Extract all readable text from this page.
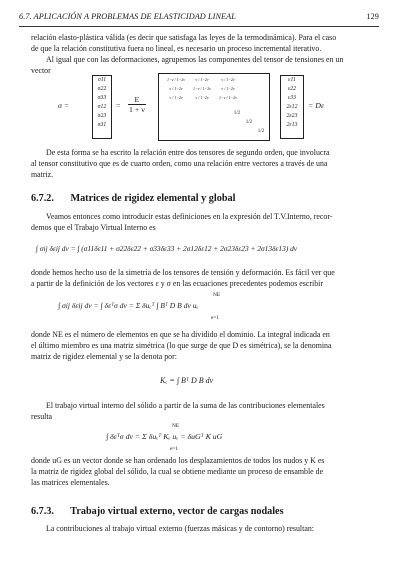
6.7. APLICACIÓN A PROBLEMAS DE ELASTICIDAD LINEAL	129
relación elasto-plástica válida (es decir que satisfaga las leyes de la termodinámica). Para el caso
de que la relación constitutiva fuera no lineal, es necesario un proceso incremental iterativo.
Al igual que con las deformaciones, agrupemos las componentes del tensor de tensiones en un
vector
σ =
σ11
σ22
σ33
σ12
σ23
σ31
= $\frac{E}{1 + \nu}$
1−ν / 1−2ν	ν / 1−2ν	ν / 1−2ν
ν / 1−2ν	1−ν / 1−2ν	ν / 1−2ν
ν / 1−2ν	ν / 1−2ν	1−ν / 1−2ν
1/2
1/2
1/2
ε11
ε22
ε33
2ε12
2ε23
2ε13
= Dε
De esta forma se ha escrito la relación entre dos tensores de segundo orden, que involucra
al tensor constitutivo que es de cuarto orden, como una relación entre vectores a través de una
matriz.
6.7.2. Matrices de rigidez elemental y global
Veamos entonces como introducir estas definiciones en la expresión del T.V.Interno, recor-
demos que el Trabajo Virtual Interno es
∫ σij δεij dv = ∫ (σ11δε11 + σ22δε22 + σ33δε33 + 2σ12δε12 + 2σ23δε23 + 2σ13δε13) dv
donde hemos hecho uso de la simetría de los tensores de tensión y deformación. Es fácil ver que
a partir de la definición de los vectores ε y σ en las ecuaciones precedentes podemos escribir
∫ σij δεij dv = ∫ δεᵀσ dv = Σ δuₑᵀ ∫ Bᵀ D B dv uₑ
NE
e=1
donde NE es el número de elementos en que se ha dividido el dominio. La integral indicada en
el último miembro es una matriz simétrica (lo que surge de que D es simétrica), se la denomina
matriz de rigidez elemental y se la denota por:
Kₑ = ∫ Bᵀ D B dv
El trabajo virtual interno del sólido a partir de la suma de las contribuciones elementales
resulta
∫ δεᵀσ dv = Σ δuₑᵀ Kₑ uₑ = δuGᵀ K uG
NE
e=1
donde uG es un vector donde se han ordenado los desplazamientos de todos los nudos y K es
la matriz de rigidez global del sólido, la cual se obtiene mediante un proceso de ensamble de
las matrices elementales.
6.7.3. Trabajo virtual externo, vector de cargas nodales
La contribuciones al trabajo virtual externo (fuerzas másicas y de contorno) resultan:
